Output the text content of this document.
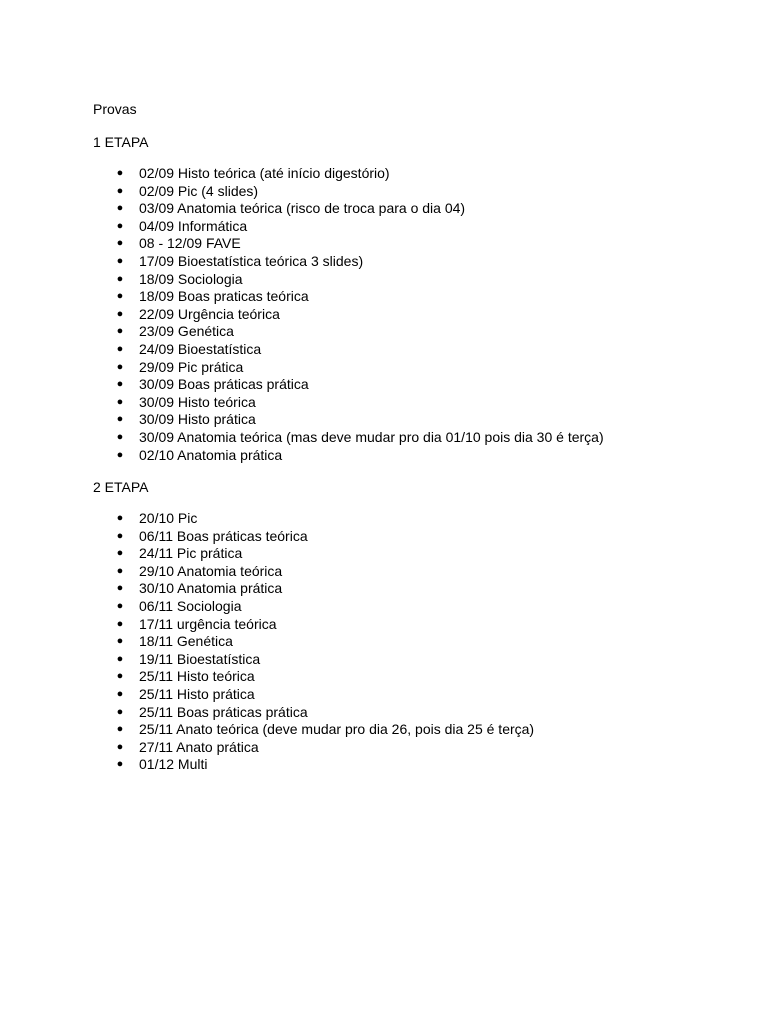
Provas

1 ETAPA

● 02/09 Histo teórica (até início digestório)
● 02/09 Pic (4 slides)
● 03/09 Anatomia teórica (risco de troca para o dia 04)
● 04/09 Informática
● 08 - 12/09 FAVE
● 17/09 Bioestatística teórica 3 slides)
● 18/09 Sociologia
● 18/09 Boas praticas teórica
● 22/09 Urgência teórica
● 23/09 Genética
● 24/09 Bioestatística
● 29/09 Pic prática
● 30/09 Boas práticas prática
● 30/09 Histo teórica
● 30/09 Histo prática
● 30/09 Anatomia teórica (mas deve mudar pro dia 01/10 pois dia 30 é terça)
● 02/10 Anatomia prática

2 ETAPA

● 20/10 Pic
● 06/11 Boas práticas teórica
● 24/11 Pic prática
● 29/10 Anatomia teórica
● 30/10 Anatomia prática
● 06/11 Sociologia
● 17/11 urgência teórica
● 18/11 Genética
● 19/11 Bioestatística
● 25/11 Histo teórica
● 25/11 Histo prática
● 25/11 Boas práticas prática
● 25/11 Anato teórica (deve mudar pro dia 26, pois dia 25 é terça)
● 27/11 Anato prática
● 01/12 Multi
